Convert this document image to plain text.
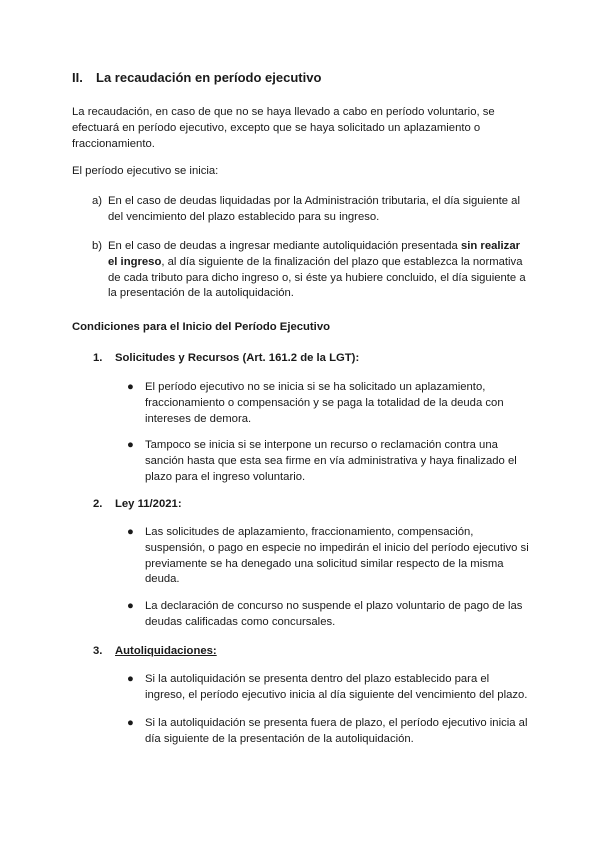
II. La recaudación en período ejecutivo
La recaudación, en caso de que no se haya llevado a cabo en período voluntario, se efectuará en período ejecutivo, excepto que se haya solicitado un aplazamiento o fraccionamiento.
El período ejecutivo se inicia:
a) En el caso de deudas liquidadas por la Administración tributaria, el día siguiente al del vencimiento del plazo establecido para su ingreso.
b) En el caso de deudas a ingresar mediante autoliquidación presentada sin realizar el ingreso, al día siguiente de la finalización del plazo que establezca la normativa de cada tributo para dicho ingreso o, si éste ya hubiere concluido, el día siguiente a la presentación de la autoliquidación.
Condiciones para el Inicio del Período Ejecutivo
1. Solicitudes y Recursos (Art. 161.2 de la LGT):
● El período ejecutivo no se inicia si se ha solicitado un aplazamiento, fraccionamiento o compensación y se paga la totalidad de la deuda con intereses de demora.
● Tampoco se inicia si se interpone un recurso o reclamación contra una sanción hasta que esta sea firme en vía administrativa y haya finalizado el plazo para el ingreso voluntario.
2. Ley 11/2021:
● Las solicitudes de aplazamiento, fraccionamiento, compensación, suspensión, o pago en especie no impedirán el inicio del período ejecutivo si previamente se ha denegado una solicitud similar respecto de la misma deuda.
● La declaración de concurso no suspende el plazo voluntario de pago de las deudas calificadas como concursales.
3. Autoliquidaciones:
● Si la autoliquidación se presenta dentro del plazo establecido para el ingreso, el período ejecutivo inicia al día siguiente del vencimiento del plazo.
● Si la autoliquidación se presenta fuera de plazo, el período ejecutivo inicia al día siguiente de la presentación de la autoliquidación.
